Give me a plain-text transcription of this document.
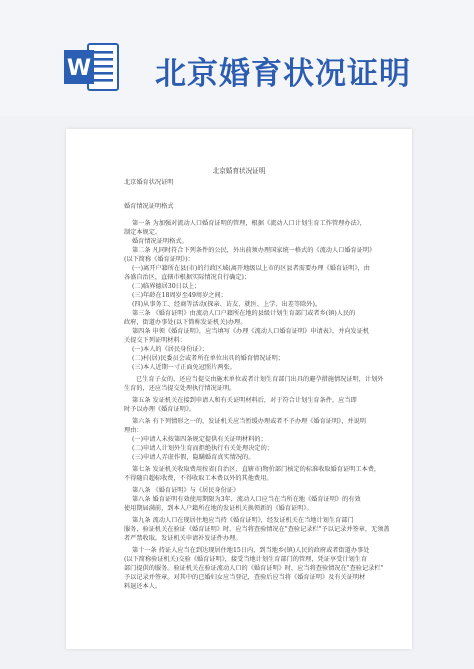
W 北京婚育状况证明
北京婚育状况证明
北京婚育状况证明
婚育情况证明格式
第一条 为加强对流动人口婚育证明的管理，根据《流动人口计划生育工作管理办法》，
制定本规定。
婚育情况证明格式。
第二条 凡同时符合下列条件的公民，外出前须办理国家统一格式的《流动人口婚育证明》
(以下简称《婚育证明》)：
(一)离开户籍所在县(市)的行政区域(离开地级以上市的区县者需要办理《婚育证明》，由
各盛自治区，直辖市根据实际情况自行确定)；
(二)临界德居30日以上；
(三)年龄在18周岁至49周岁之间；
(四)从事务工、经商等活动(探亲、访友、就医、上学、出差等除外)。
第三条 《婚育证明》由流动人口户籍所在地的县级计划生育部门或者乡(镇)人民的
政府，街道办事处(以下简称发证机关)办理。
第四条 申领《婚育证明》，应当填写《办理《流动人口婚育证明》申请表》，并向发证机
关提交下列证明材料：
(一)本人的《居民身份证》；
(二)村(居)民委员会或者所在单位出具的婚育情况证明；
(三)本人近期一寸正面免冠照片两张。
已生育子女的，还应当提交由施术单位或者计划生育部门出具的避孕措施情况证明，计划外
生育的，还应当提交处理执行情况证明。
第五条 发证机关在接到申请人和有关证明材料后，对于符合计划生育条件，应当即
时予以办理《婚育证明》。
第六条 有下列情形之一的，发证机关应当暂缓办理或者不予办理《婚育证明》，并说明
理由：
(一)申请人未按第四条规定提供有关证明材料的；
(二)申请人计划外生育而拒绝执行有关处理决定的；
(三)申请人弄虚作假，隐瞒婚育真实情况的。
第七条 发证机关收取费用按省(自治区、直辖市)物价部门核定的标准收取婚育证明工本费，
不得随自超标收费，不得收取工本费以外的其他费用。
第八条 《婚育证明》与《居民身份证》
第八条 婚育证明有效使用期限为3年，流动人口应当在当所在地《婚育证明》的有效
使用期届满前，到本人户籍所在地的发证机关换领新的《婚育证明》。
第九条 流动人口在现居住地应当持《婚育证明》，经发证机关在当地计划生育部门
服务，验证机关在验证《婚育证明》时，应当将查验情况在"查验记录栏"予以记录并签章，无须盖
者严禁收取。发证机关申请补发证件办理。
第十一条 持证人应当在到达现居住地15日内，到当地乡(镇)人民的政府或者街道办事处
(以下简称验证机关)交验《婚育证明》，接受当地计划生育部门的管理，凭证享受计划生育
部门提供的服务。验证机关在验证流动人口的《婚育证明》时，应当将查验情况在"查验记录栏"
予以记录并签章。对其中的已婚妇女应当登记，查验后应当将《婚育证明》及有关证明材
料退还本人。
